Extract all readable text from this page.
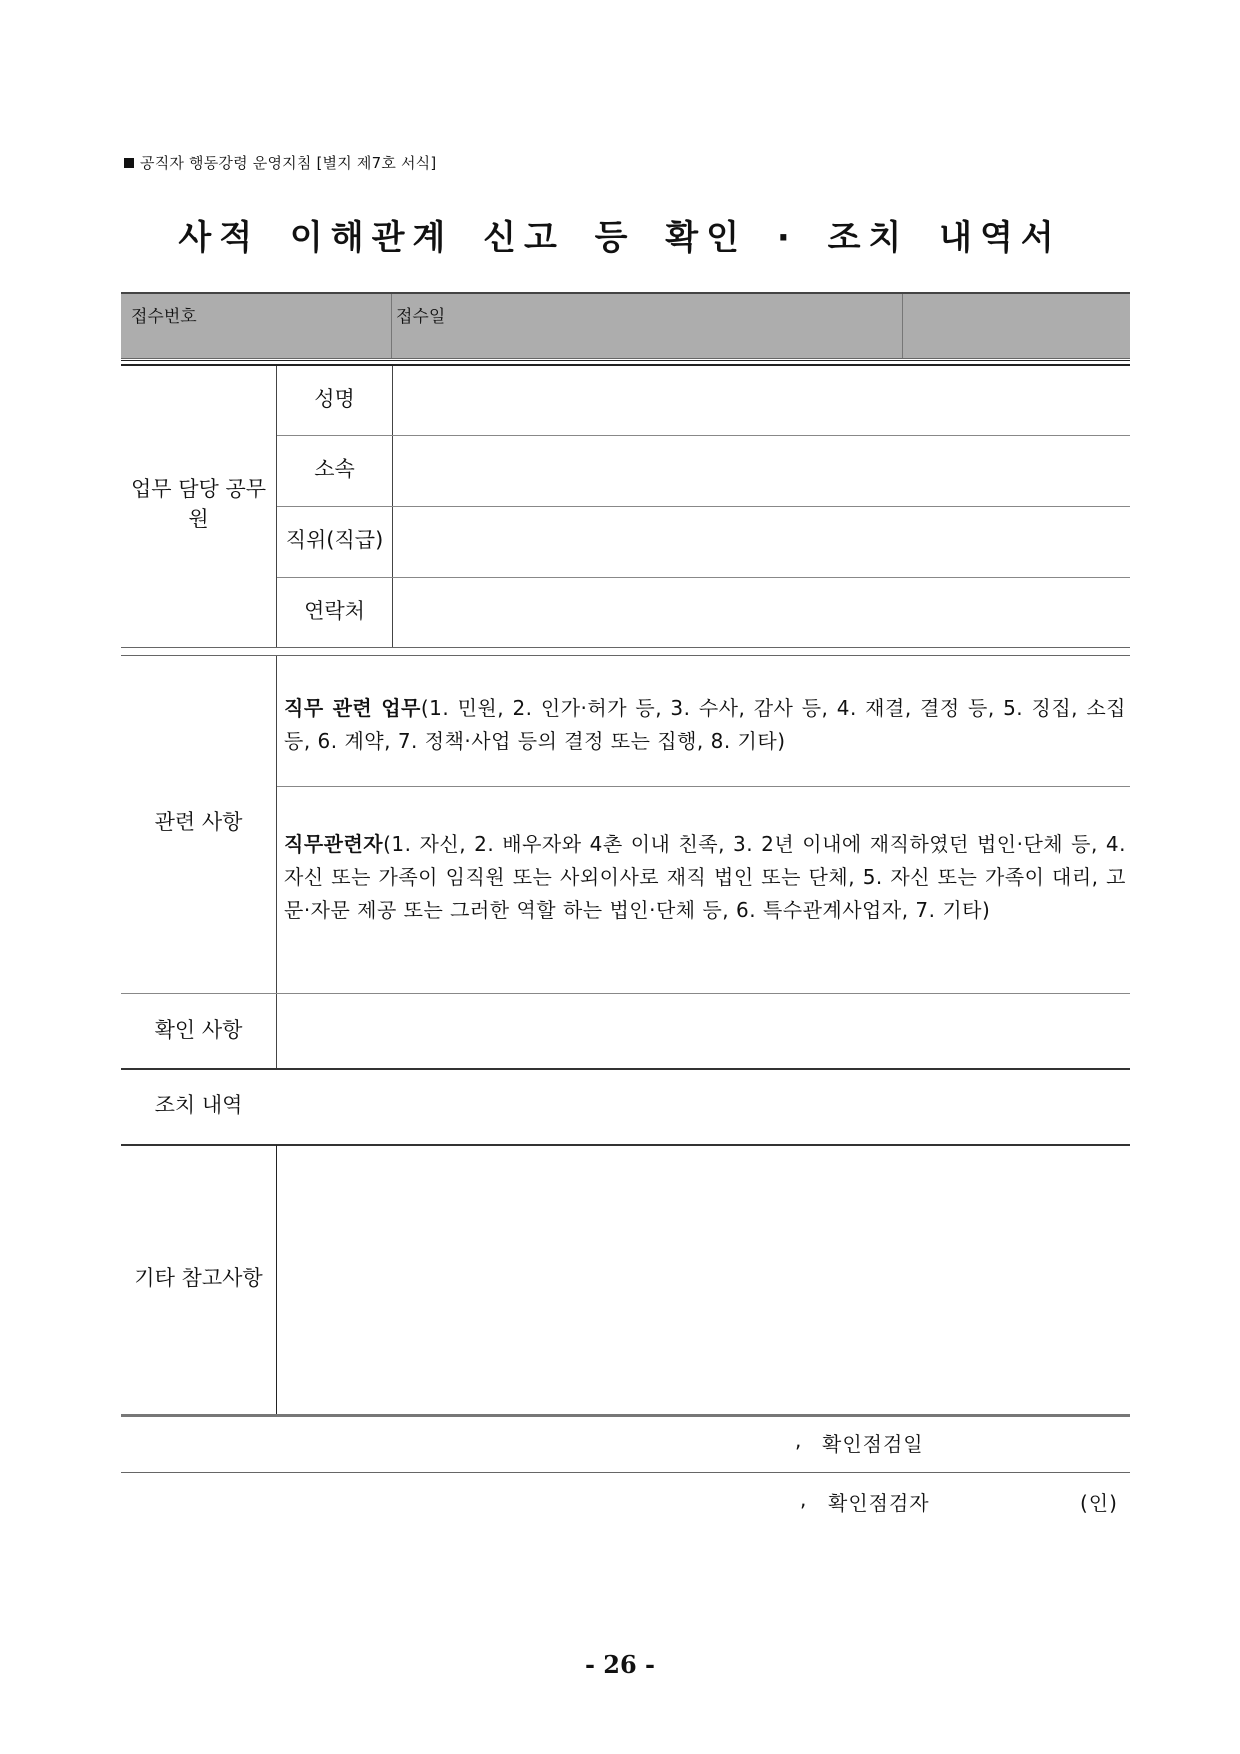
공직자 행동강령 운영지침 [별지 제7호 서식]
사적 이해관계 신고 등 확인 · 조치 내역서
접수번호	접수일
업무 담당 공무원
성명
소속
직위(직급)
연락처
관련 사항
직무 관련 업무(1. 민원, 2. 인가·허가 등, 3. 수사, 감사 등, 4. 재결, 결정 등, 5. 징집, 소집 등, 6. 계약, 7. 정책·사업 등의 결정 또는 집행, 8. 기타)
직무관련자(1. 자신, 2. 배우자와 4촌 이내 친족, 3. 2년 이내에 재직하였던 법인·단체 등, 4. 자신 또는 가족이 임직원 또는 사외이사로 재직 법인 또는 단체, 5. 자신 또는 가족이 대리, 고문·자문 제공 또는 그러한 역할 하는 법인·단체 등, 6. 특수관계사업자, 7. 기타)
확인 사항
조치 내역
기타 참고사항
, 확인점검일
, 확인점검자	(인)
- 26 -
